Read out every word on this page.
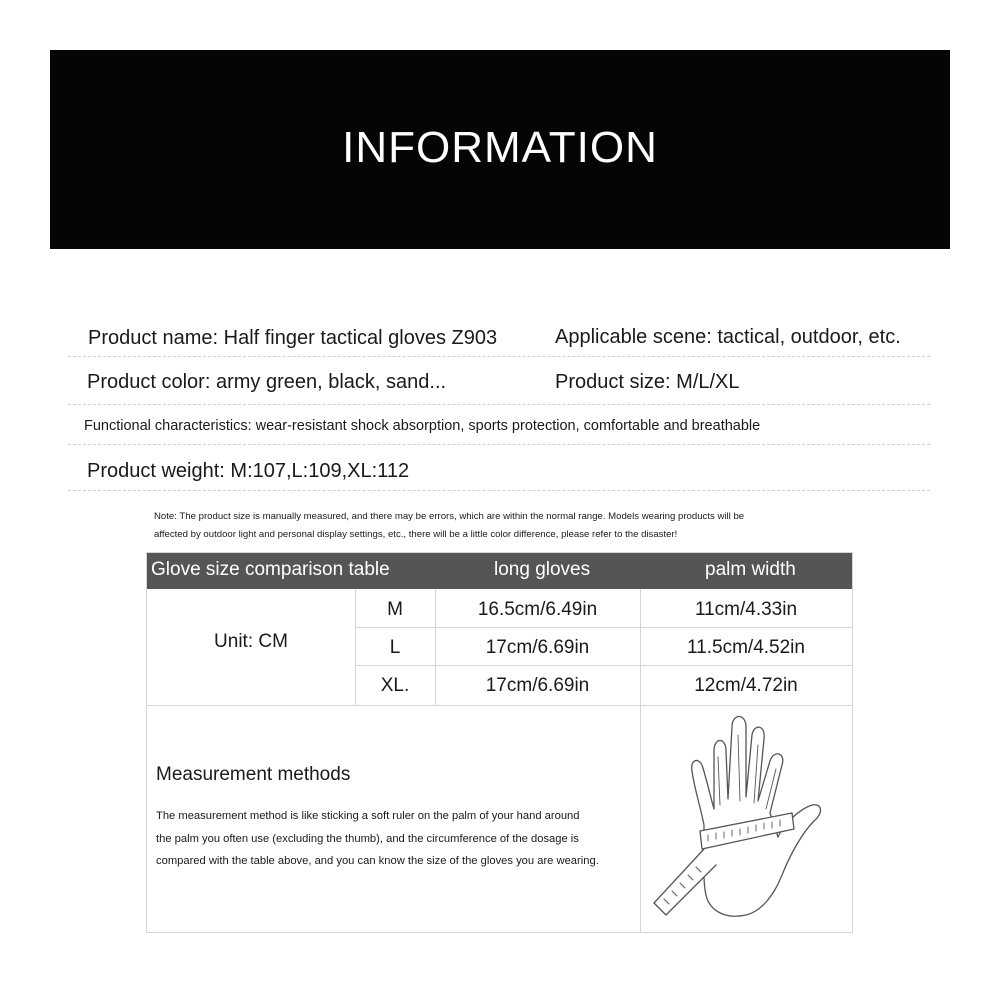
INFORMATION
Product name: Half finger tactical gloves Z903	Applicable scene: tactical, outdoor, etc.
Product color: army green, black, sand...	Product size: M/L/XL
Functional characteristics: wear-resistant shock absorption, sports protection, comfortable and breathable
Product weight: M:107,L:109,XL:112
Note: The product size is manually measured, and there may be errors, which are within the normal range. Models wearing products will be
affected by outdoor light and personal display settings, etc., there will be a little color difference, please refer to the disaster!
Glove size comparison table	long gloves	palm width
Unit: CM
M	16.5cm/6.49in	11cm/4.33in
L	17cm/6.69in	11.5cm/4.52in
XL.	17cm/6.69in	12cm/4.72in
Measurement methods
The measurement method is like sticking a soft ruler on the palm of your hand around
the palm you often use (excluding the thumb), and the circumference of the dosage is
compared with the table above, and you can know the size of the gloves you are wearing.
